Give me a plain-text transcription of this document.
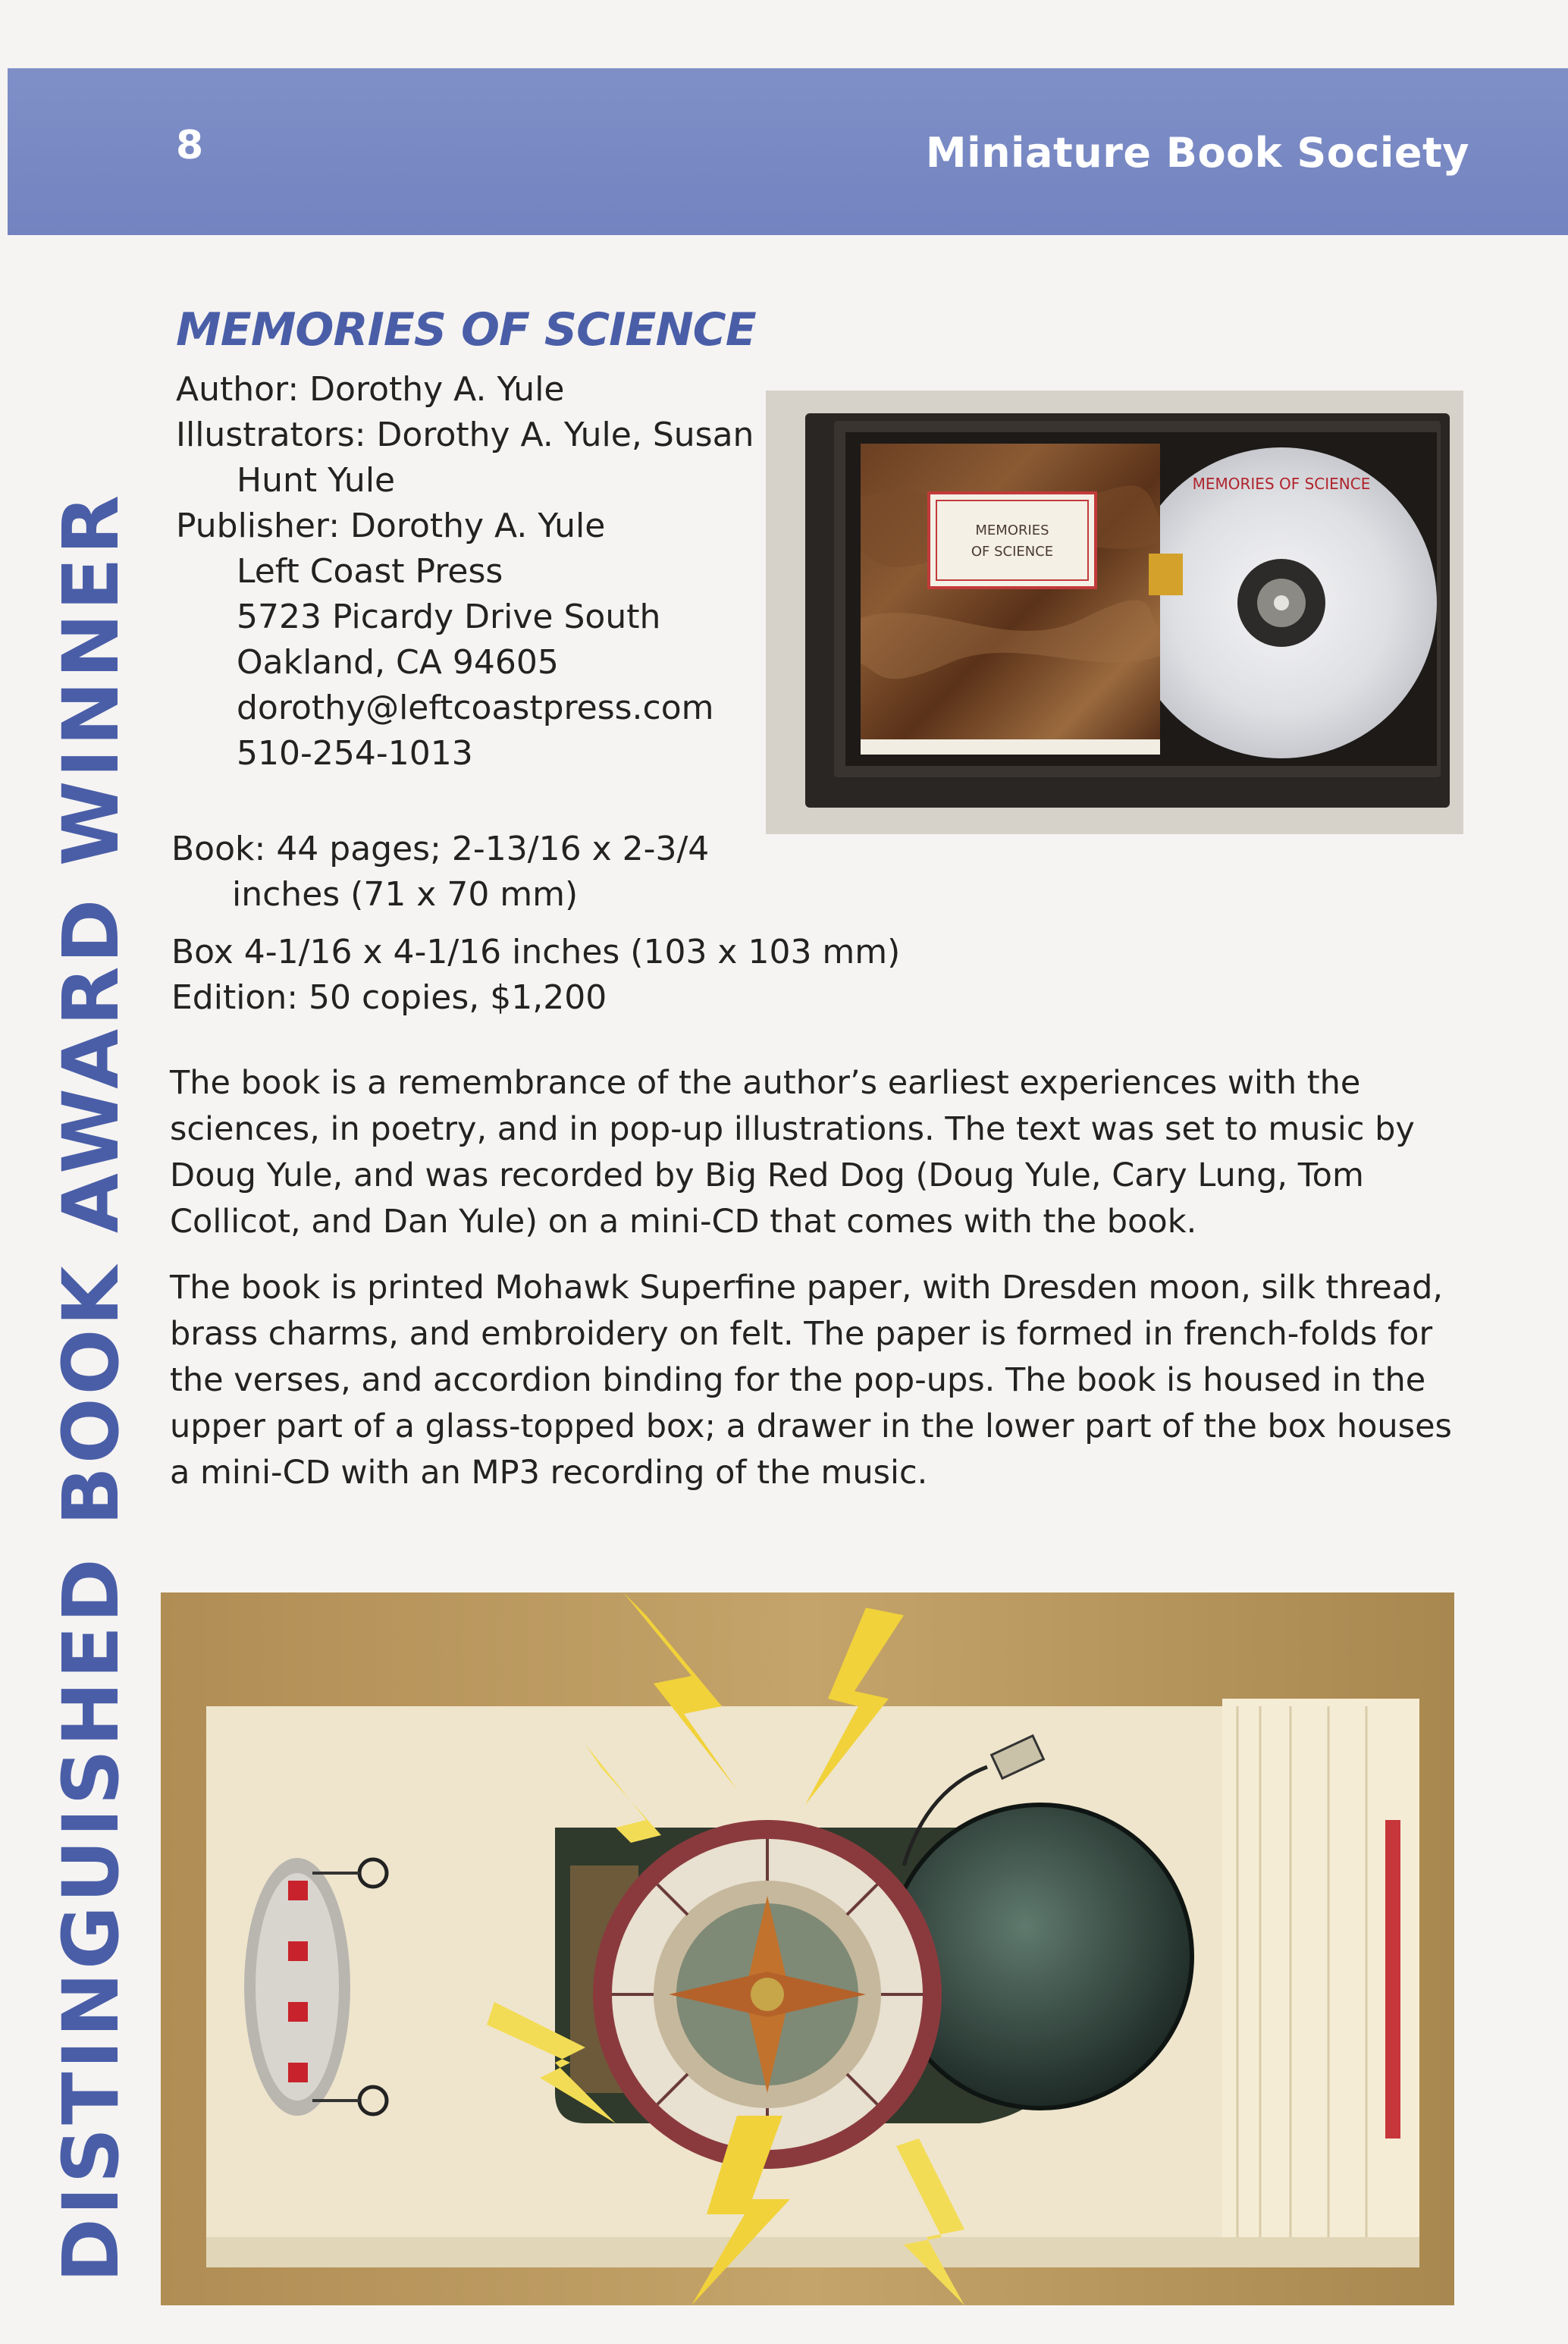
8	Miniature Book Society
DISTINGUISHED BOOK AWARD WINNER
MEMORIES OF SCIENCE
Author: Dorothy A. Yule
Illustrators: Dorothy A. Yule, Susan
Hunt Yule
Publisher: Dorothy A. Yule
Left Coast Press
5723 Picardy Drive South
Oakland, CA 94605
dorothy@leftcoastpress.com
510-254-1013
Book: 44 pages; 2-13/16 x 2-3/4
inches (71 x 70 mm)
Box 4-1/16 x 4-1/16 inches (103 x 103 mm)
Edition: 50 copies, $1,200

The book is a remembrance of the author’s earliest experiences with the sciences, in poetry, and in pop-up illustrations. The text was set to music by Doug Yule, and was recorded by Big Red Dog (Doug Yule, Cary Lung, Tom Collicot, and Dan Yule) on a mini-CD that comes with the book.

The book is printed Mohawk Superfine paper, with Dresden moon, silk thread, brass charms, and embroidery on felt. The paper is formed in french-folds for the verses, and accordion binding for the pop-ups. The book is housed in the upper part of a glass-topped box; a drawer in the lower part of the box houses a mini-CD with an MP3 recording of the music.

MEMORIES OF SCIENCE
MEMORIES
OF SCIENCE
